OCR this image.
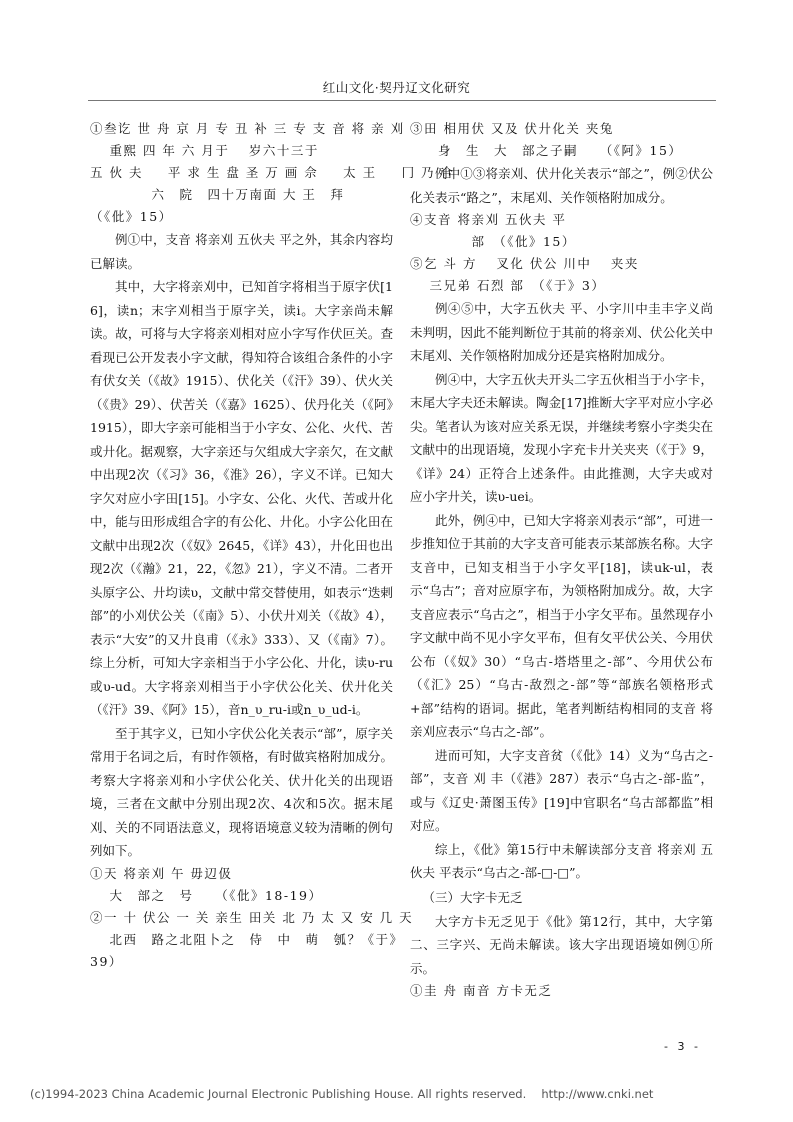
红山文化·契丹辽文化研究
①叁讫 世 舟 京 月 专 丑 补 三 专 支 音 将 亲 刈
　 重熙 四 年 六 月于　 岁六十三于
五 伙 夫 　 平 求 生 盘 圣 万 画 佘 　 太 王 　 冂 乃 合
　　　　 六　院　四十万南面 大 王　拜
（《仳》15）
例①中，支音 将亲刈 五伙夫 平之外，其余内容均已解读。
其中，大字将亲刈中，已知首字将相当于原字伏[16]，读n；末字刈相当于原字关，读i。大字亲尚未解读。故，可将与大字将亲刈相对应小字写作伏叵关。查看现已公开发表小字文献，得知符合该组合条件的小字有伏女关（《故》1915）、伏化关（《汗》39）、伏火关（《贵》29）、伏苦关（《嘉》1625）、伏丹化关（《阿》1915），即大字亲可能相当于小字女、公化、火代、苦或廾化。据观察，大字亲还与欠组成大字亲欠，在文献中出现2次（《习》36，《淮》26），字义不详。已知大字欠对应小字田[15]。小字女、公化、火代、苦或廾化中，能与田形成组合字的有公化、廾化。小字公化田在文献中出现2次（《奴》2645，《详》43），廾化田也出现2次（《瀚》21，22，《忽》21），字义不清。二者开头原字公、廾均读υ，文献中常交替使用，如表示“迭剌部”的小刈伏公关（《南》5）、小伏廾刈关（《故》4），表示“大安”的又廾良甫（《永》333）、又（《南》7）。综上分析，可知大字亲相当于小字公化、廾化，读υ-ru或υ-ud。大字将亲刈相当于小字伏公化关、伏廾化关（《汗》39、《阿》15），音n_υ_ru-i或n_υ_ud-i。
至于其字义，已知小字伏公化关表示“部”，原字关常用于名词之后，有时作领格，有时做宾格附加成分。考察大字将亲刈和小字伏公化关、伏廾化关的出现语境，三者在文献中分别出现2次、4次和5次。据末尾刈、关的不同语法意义，现将语境意义较为清晰的例句列如下。
①天 将亲刈 午 毋辺伋
　 大　部之　号　　（《仳》18-19）
②一 十 伏公 一 关 亲生 田关 北 乃 太 又 安 几 天
　 北西　路之北阻卜之　侍　中　萌　瓠？《于》
39）
③田 相用伏 又及 伏廾化关 夹兔
　　身　生　大　部之子嗣　　（《阿》15）
例中①③将亲刈、伏廾化关表示“部之”，例②伏公化关表示“路之”，末尾刈、关作领格附加成分。
④支音 将亲刈 五伙夫 平
　　　　 部　（《仳》15）
⑤乞 斗 方 　叉化 伏公 川中 　夹夹
　 三兄弟 石烈 部　（《于》3）
例④⑤中，大字五伙夫 平、小字川中圭丰字义尚未判明，因此不能判断位于其前的将亲刈、伏公化关中末尾刈、关作领格附加成分还是宾格附加成分。
例④中，大字五伙夫开头二字五伙相当于小字卡，末尾大字夫还未解读。陶金[17]推断大字平对应小字必尖。笔者认为该对应关系无误，并继续考察小字类尖在文献中的出现语境，发现小字充卡廾关夹夹（《于》9，《详》24）正符合上述条件。由此推测，大字夫或对应小字廾关，读υ-uei。
此外，例④中，已知大字将亲刈表示“部”，可进一步推知位于其前的大字支音可能表示某部族名称。大字支音中，已知支相当于小字攵平[18]，读uk-ul，表示“乌古”；音对应原字布，为领格附加成分。故，大字支音应表示“乌古之”，相当于小字攵平布。虽然现存小字文献中尚不见小字攵平布，但有攵平伏公关、今用伏公布（《奴》30）“乌古-塔塔里之-部”、今用伏公布（《汇》25）“乌古-敌烈之-部”等“部族名领格形式+部”结构的语词。据此，笔者判断结构相同的支音 将亲刈应表示“乌古之-部”。
进而可知，大字支音贫（《仳》14）义为“乌古之-部”，支音 刈 丰（《港》287）表示“乌古之-部-监”，或与《辽史·萧图玉传》[19]中官职名“乌古部都监”相对应。
综上，《仳》第15行中未解读部分支音 将亲刈 五伙夫 平表示“乌古之-部-□-□”。
（三）大字卡无乏
大字方卡无乏见于《仳》第12行，其中，大字第二、三字兴、无尚未解读。该大字出现语境如例①所示。
①圭 舟 南音 方卡无乏
- 3 -
(c)1994-2023 China Academic Journal Electronic Publishing House. All rights reserved.　 http://www.cnki.net
